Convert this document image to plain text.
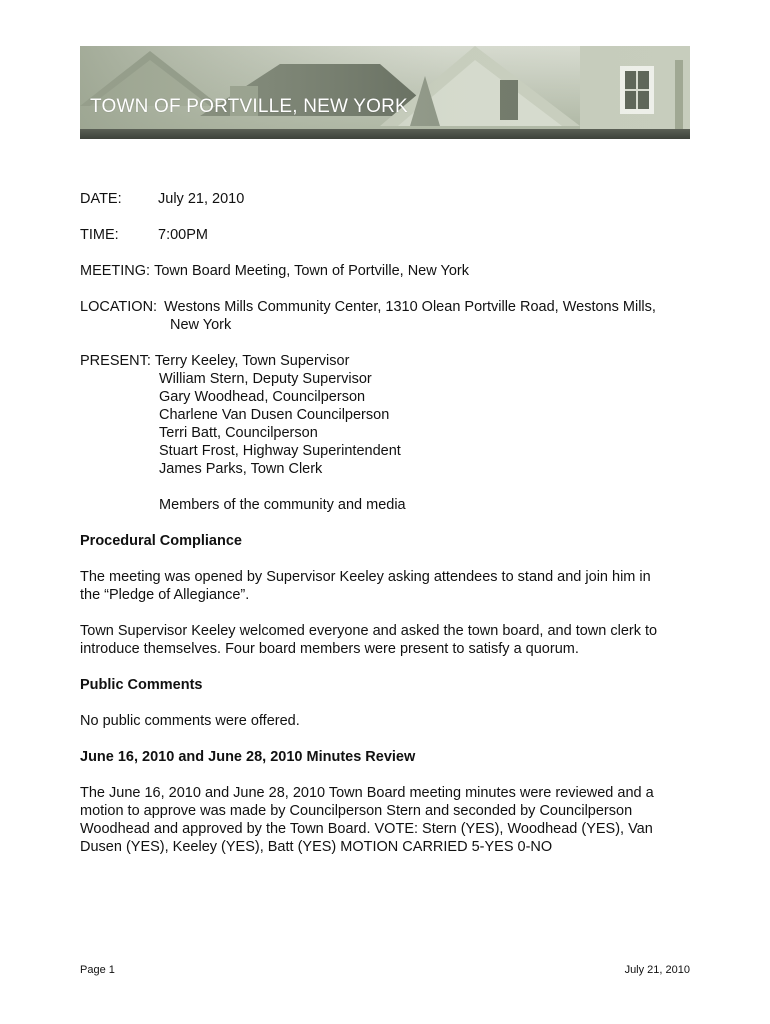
TOWN OF PORTVILLE, NEW YORK
DATE:	July 21, 2010
TIME:	7:00PM
MEETING: Town Board Meeting, Town of Portville, New York
LOCATION: Westons Mills Community Center, 1310 Olean Portville Road, Westons Mills,
New York
PRESENT: Terry Keeley, Town Supervisor
William Stern, Deputy Supervisor
Gary Woodhead, Councilperson
Charlene Van Dusen Councilperson
Terri Batt, Councilperson
Stuart Frost, Highway Superintendent
James Parks, Town Clerk
Members of the community and media

Procedural Compliance

The meeting was opened by Supervisor Keeley asking attendees to stand and join him in

the “Pledge of Allegiance”.

Town Supervisor Keeley welcomed everyone and asked the town board, and town clerk to

introduce themselves. Four board members were present to satisfy a quorum.

Public Comments

No public comments were offered.

June 16, 2010 and June 28, 2010 Minutes Review

The June 16, 2010 and June 28, 2010 Town Board meeting minutes were reviewed and a

motion to approve was made by Councilperson Stern and seconded by Councilperson

Woodhead and approved by the Town Board. VOTE: Stern (YES), Woodhead (YES), Van

Dusen (YES), Keeley (YES), Batt (YES) MOTION CARRIED 5-YES 0-NO

Page 1	July 21, 2010
